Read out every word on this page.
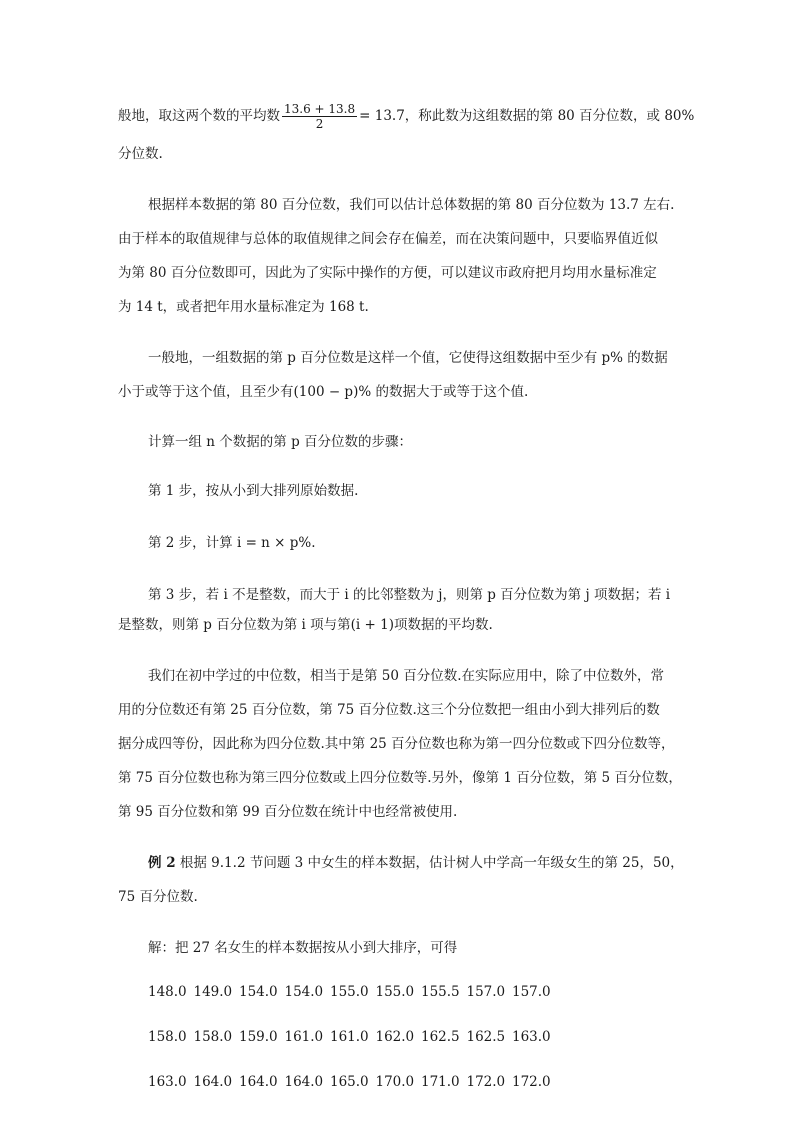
般地，取这两个数的平均数 $\frac{13.6 + 13.8}{2} = 13.7$，称此数为这组数据的第 80 百分位数，或 80%
分位数.
根据样本数据的第 80 百分位数，我们可以估计总体数据的第 80 百分位数为 13.7 左右.
由于样本的取值规律与总体的取值规律之间会存在偏差，而在决策问题中，只要临界值近似
为第 80 百分位数即可，因此为了实际中操作的方便，可以建议市政府把月均用水量标准定
为 14 t，或者把年用水量标准定为 168 t.
一般地，一组数据的第 p 百分位数是这样一个值，它使得这组数据中至少有 p% 的数据
小于或等于这个值，且至少有(100 − p)% 的数据大于或等于这个值.
计算一组 n 个数据的第 p 百分位数的步骤：
第 1 步，按从小到大排列原始数据.
第 2 步，计算 i = n × p%.
第 3 步，若 i 不是整数，而大于 i 的比邻整数为 j，则第 p 百分位数为第 j 项数据；若 i
是整数，则第 p 百分位数为第 i 项与第(i + 1)项数据的平均数.
我们在初中学过的中位数，相当于是第 50 百分位数.在实际应用中，除了中位数外，常
用的分位数还有第 25 百分位数，第 75 百分位数.这三个分位数把一组由小到大排列后的数
据分成四等份，因此称为四分位数.其中第 25 百分位数也称为第一四分位数或下四分位数等，
第 75 百分位数也称为第三四分位数或上四分位数等.另外，像第 1 百分位数，第 5 百分位数，
第 95 百分位数和第 99 百分位数在统计中也经常被使用.
例 2 根据 9.1.2 节问题 3 中女生的样本数据，估计树人中学高一年级女生的第 25，50，
75 百分位数.
解：把 27 名女生的样本数据按从小到大排序，可得
148.0 149.0 154.0 154.0 155.0 155.0 155.5 157.0 157.0
158.0 158.0 159.0 161.0 161.0 162.0 162.5 162.5 163.0
163.0 164.0 164.0 164.0 165.0 170.0 171.0 172.0 172.0
